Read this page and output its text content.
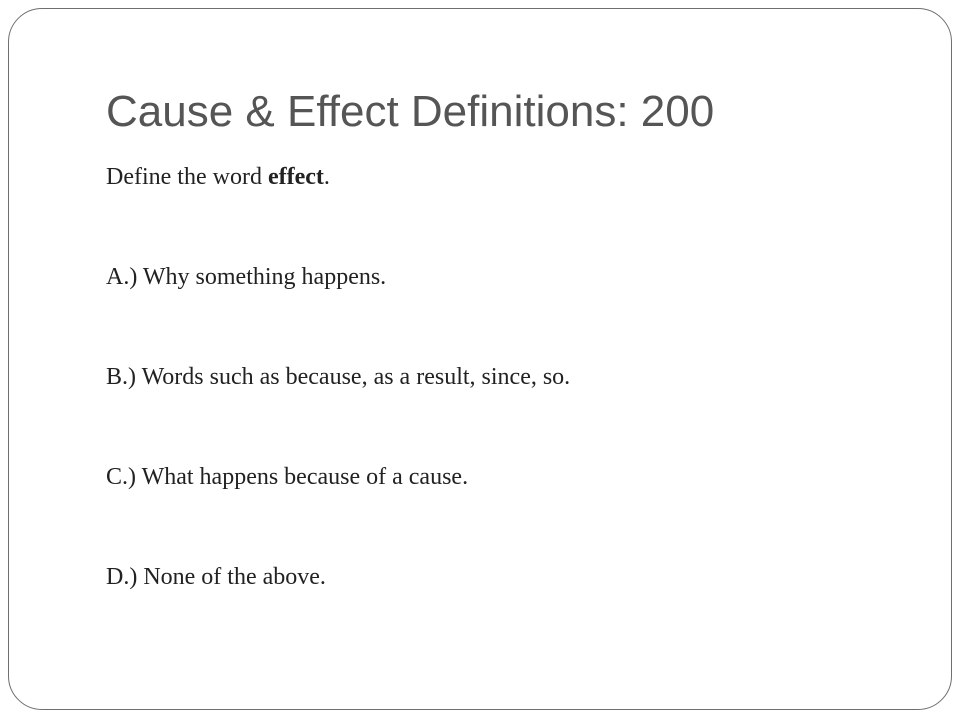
Cause & Effect Definitions: 200

Define the word effect.

A.) Why something happens.

B.) Words such as because, as a result, since, so.

C.) What happens because of a cause.

D.) None of the above.
